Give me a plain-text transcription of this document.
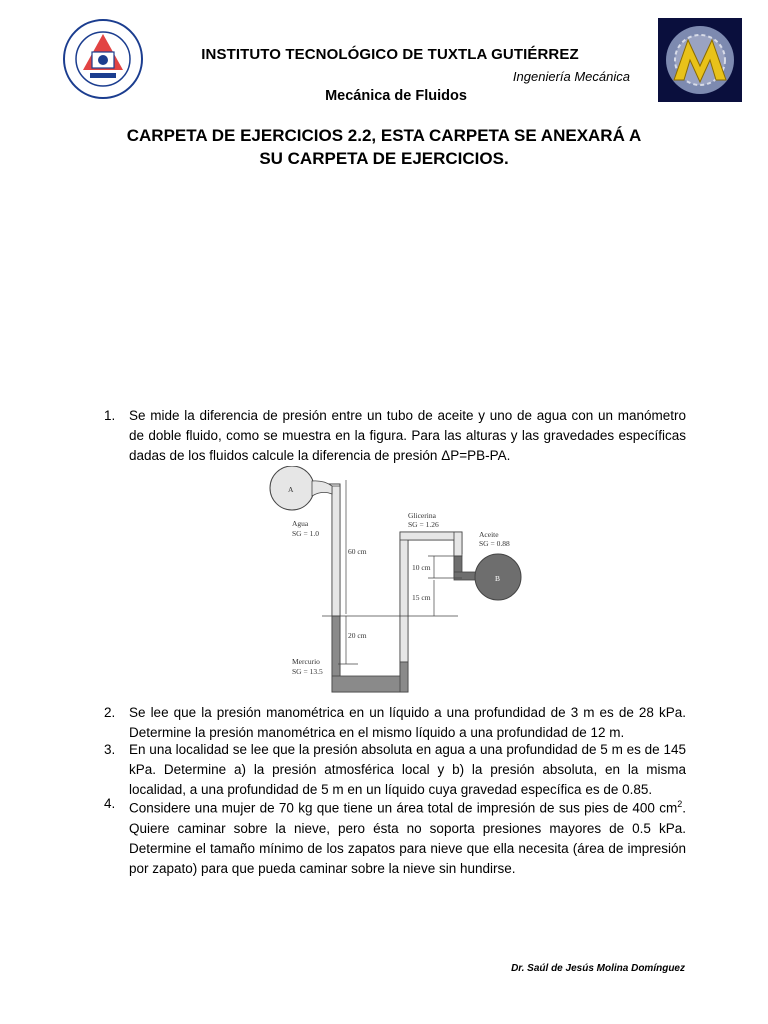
INSTITUTO TECNOLÓGICO DE TUXTLA GUTIÉRREZ
Ingeniería Mecánica
Mecánica de Fluidos
CARPETA DE EJERCICIOS 2.2, ESTA CARPETA SE ANEXARÁ A
SU CARPETA DE EJERCICIOS.
1. Se mide la diferencia de presión entre un tubo de aceite y uno de agua con un manómetro de doble fluido, como se muestra en la figura. Para las alturas y las gravedades específicas dadas de los fluidos calcule la diferencia de presión ΔP=PB-PA.
A
B
Agua
SG = 1.0
Glicerina
SG = 1.26
Aceite
SG = 0.88
Mercurio
SG = 13.5
60 cm
10 cm
15 cm
20 cm
2. Se lee que la presión manométrica en un líquido a una profundidad de 3 m es de 28 kPa. Determine la presión manométrica en el mismo líquido a una profundidad de 12 m.
3. En una localidad se lee que la presión absoluta en agua a una profundidad de 5 m es de 145 kPa. Determine a) la presión atmosférica local y b) la presión absoluta, en la misma localidad, a una profundidad de 5 m en un líquido cuya gravedad específica es de 0.85.
4. Considere una mujer de 70 kg que tiene un área total de impresión de sus pies de 400 $cm^2$. Quiere caminar sobre la nieve, pero ésta no soporta presiones mayores de 0.5 kPa. Determine el tamaño mínimo de los zapatos para nieve que ella necesita (área de impresión por zapato) para que pueda caminar sobre la nieve sin hundirse.
Dr. Saúl de Jesús Molina Domínguez
